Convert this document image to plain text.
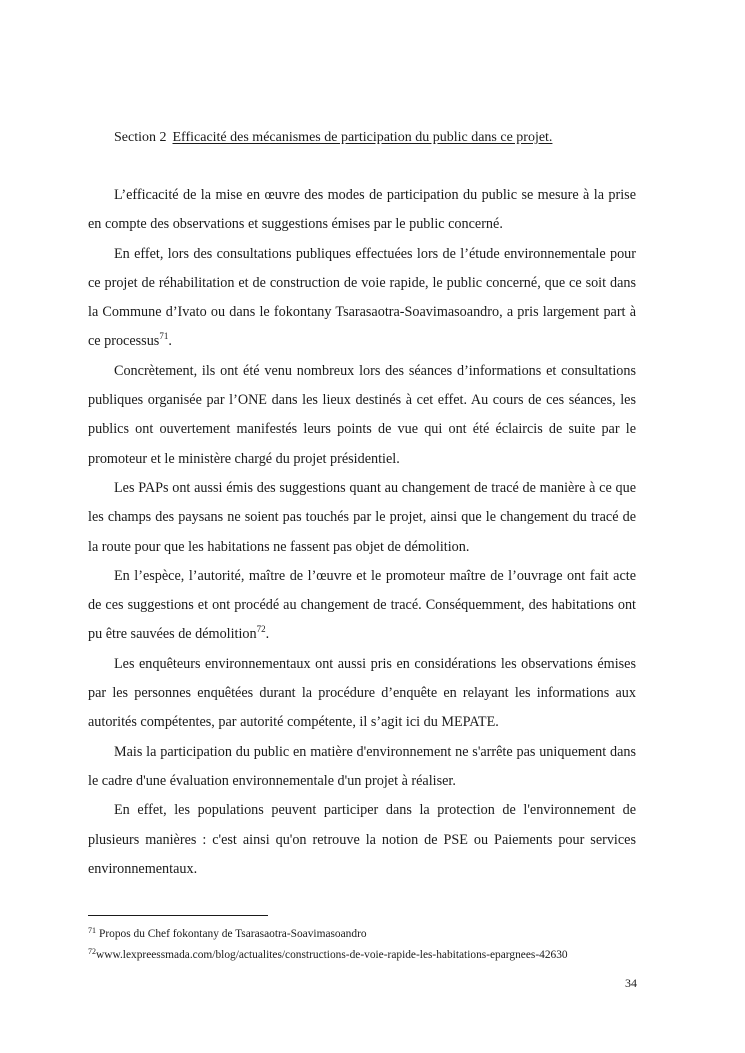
Section 2 Efficacité des mécanismes de participation du public dans ce projet.

L’efficacité de la mise en œuvre des modes de participation du public se mesure à la prise en compte des observations et suggestions émises par le public concerné.

En effet, lors des consultations publiques effectuées lors de l’étude environnementale pour ce projet de réhabilitation et de construction de voie rapide, le public concerné, que ce soit dans la Commune d’Ivato ou dans le fokontany Tsarasaotra-Soavimasoandro, a pris largement part à ce processus$^{71}$.

Concrètement, ils ont été venu nombreux lors des séances d’informations et consultations publiques organisée par l’ONE dans les lieux destinés à cet effet. Au cours de ces séances, les publics ont ouvertement manifestés leurs points de vue qui ont été éclaircis de suite par le promoteur et le ministère chargé du projet présidentiel.

Les PAPs ont aussi émis des suggestions quant au changement de tracé de manière à ce que les champs des paysans ne soient pas touchés par le projet, ainsi que le changement du tracé de la route pour que les habitations ne fassent pas objet de démolition.

En l’espèce, l’autorité, maître de l’œuvre et le promoteur maître de l’ouvrage ont fait acte de ces suggestions et ont procédé au changement de tracé. Conséquemment, des habitations ont pu être sauvées de démolition$^{72}$.

Les enquêteurs environnementaux ont aussi pris en considérations les observations émises par les personnes enquêtées durant la procédure d’enquête en relayant les informations aux autorités compétentes, par autorité compétente, il s’agit ici du MEPATE.

Mais la participation du public en matière d'environnement ne s'arrête pas uniquement dans le cadre d'une évaluation environnementale d'un projet à réaliser.

En effet, les populations peuvent participer dans la protection de l'environnement de plusieurs manières : c'est ainsi qu'on retrouve la notion de PSE ou Paiements pour services environnementaux.

$^{71}$ Propos du Chef fokontany de Tsarasaotra-Soavimasoandro
$^{72}$www.lexpreessmada.com/blog/actualites/constructions-de-voie-rapide-les-habitations-epargnees-42630
34
